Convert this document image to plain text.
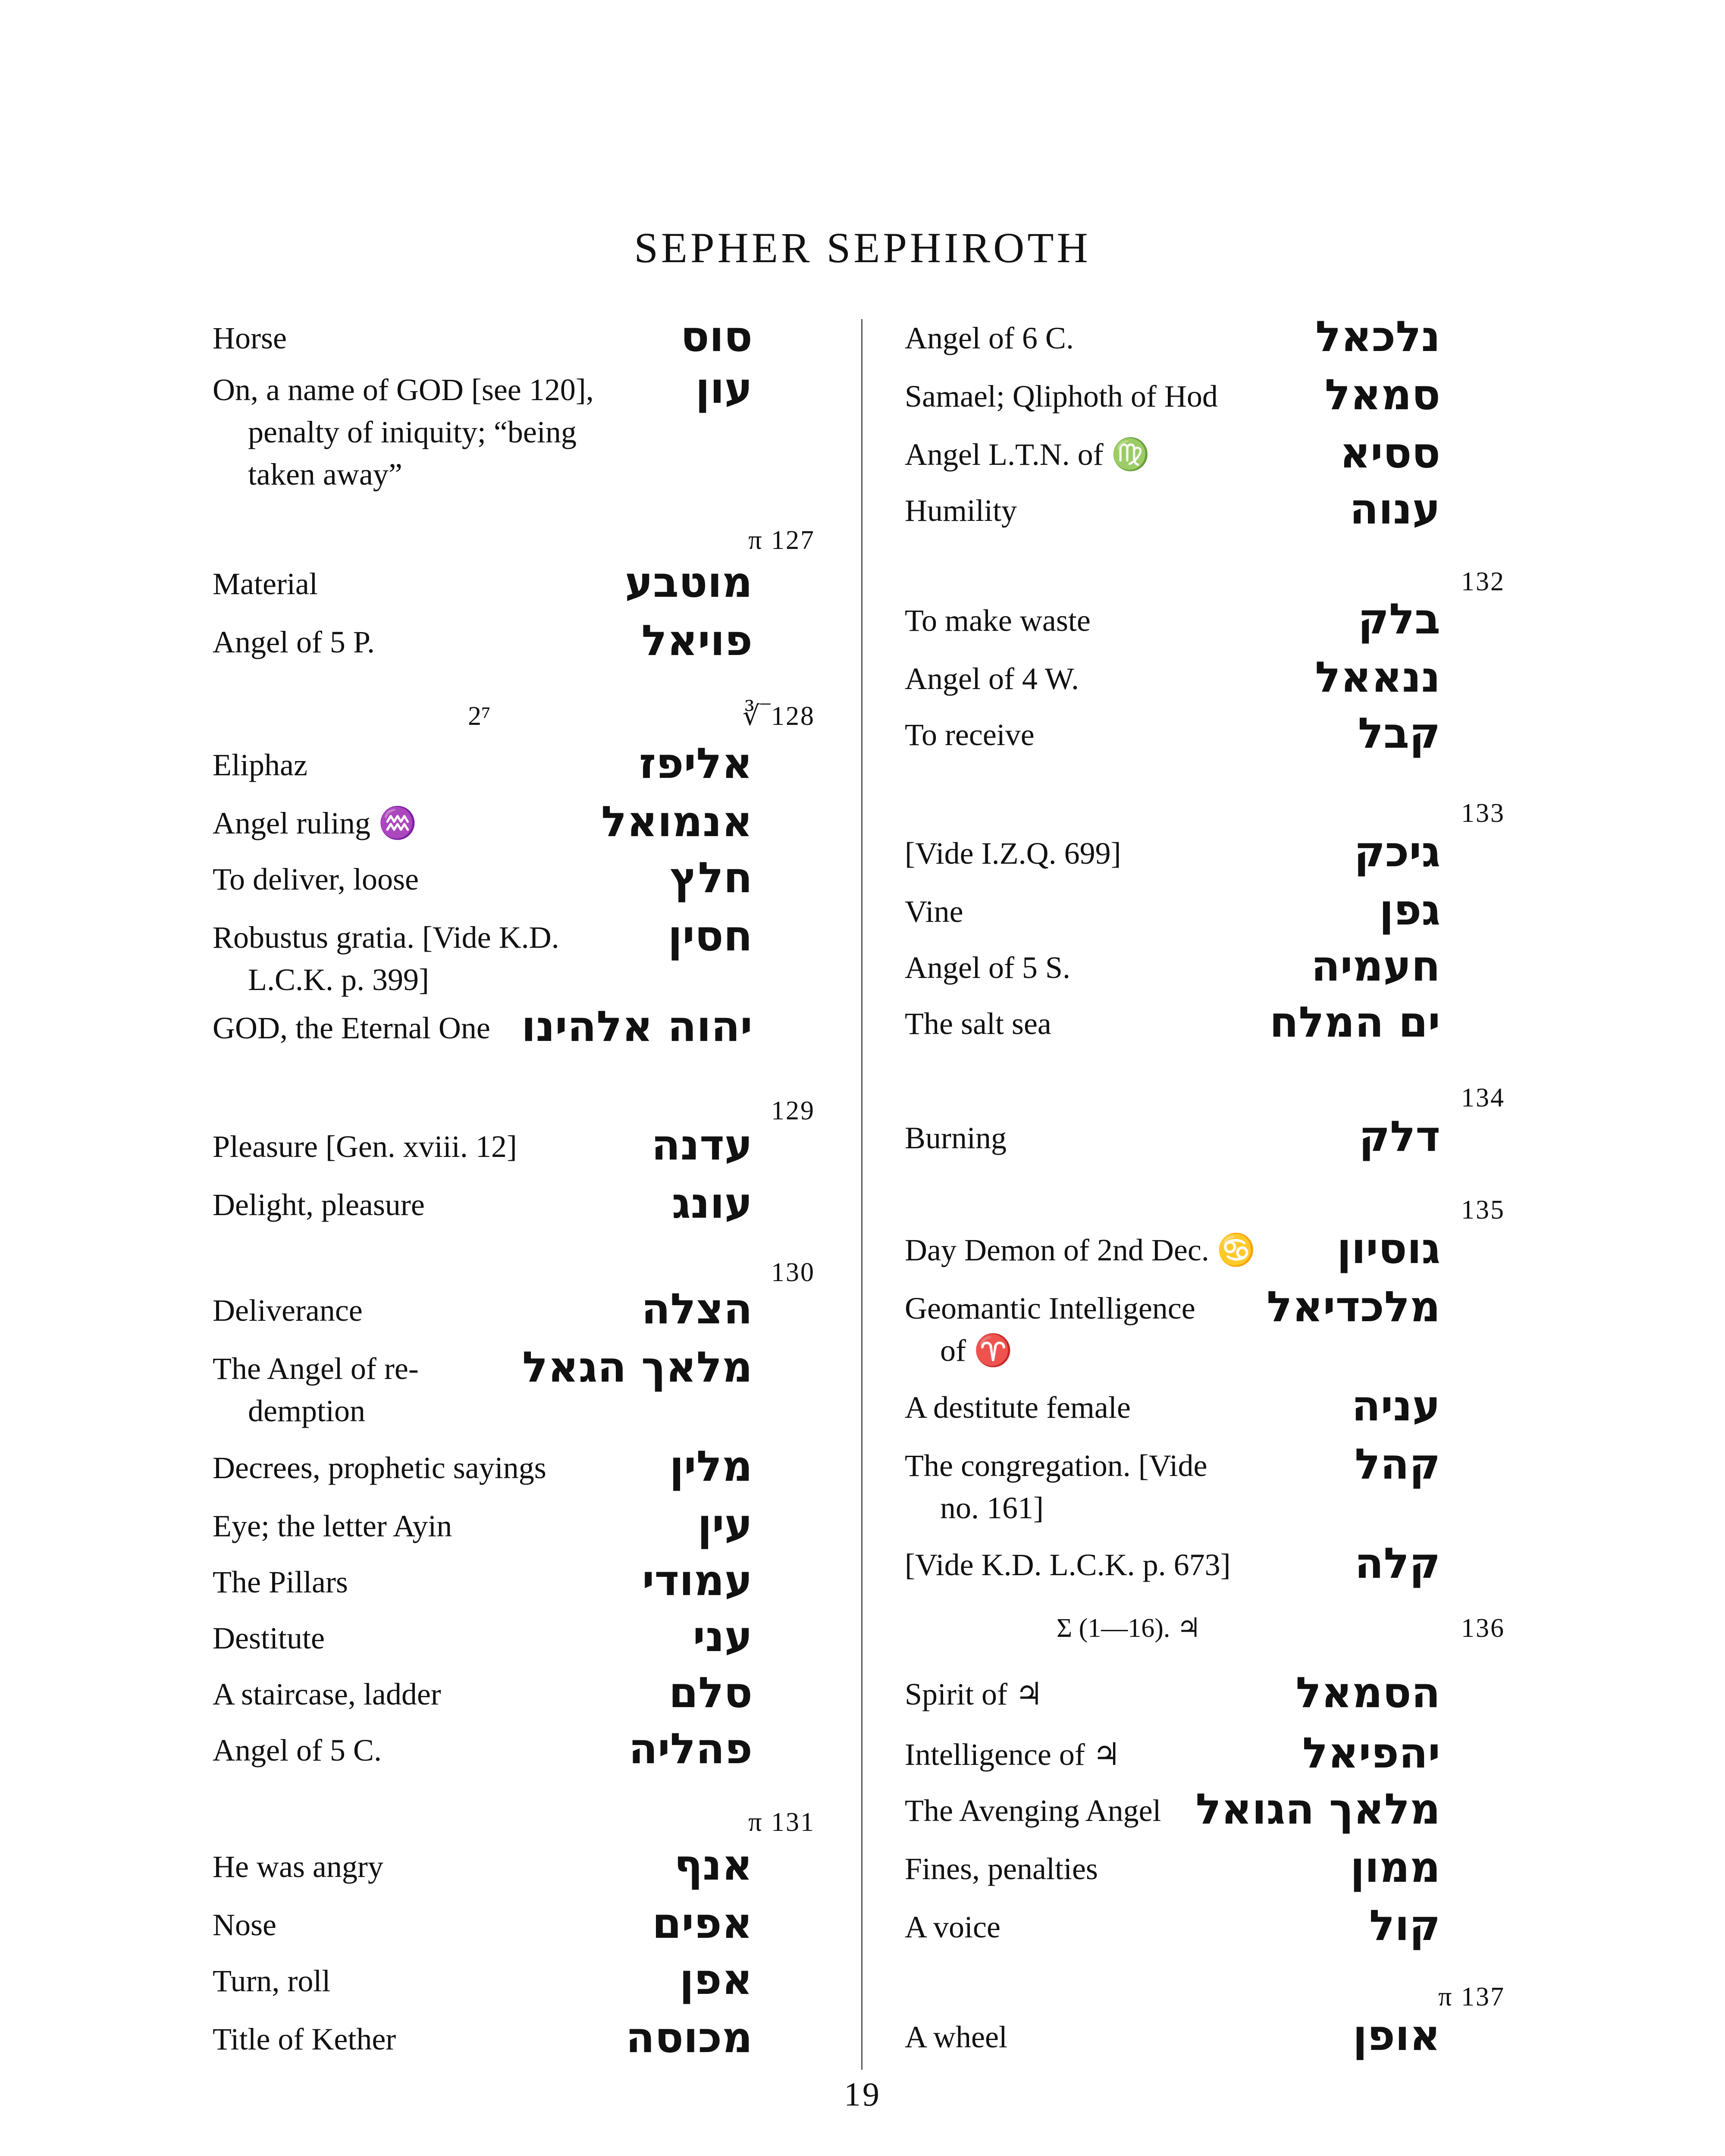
SEPHER SEPHIROTH
Horse	סוס
On, a name of GOD [see 120],
penalty of iniquity; “being
taken away”
עון
Material	מוטבע
Angel of 5 P.	פויאל
Eliphaz	אליפז
Angel ruling ♒	אנמואל
To deliver, loose	חלץ
Robustus gratia. [Vide K.D.
L.C.K. p. 399]
חסין
GOD, the Eternal One יהוה אלהינו
Pleasure [Gen. xviii. 12]	עדנה
Delight, pleasure	עונג
Deliverance	הצלה
The Angel of re-
demption
מלאך הגאל
Decrees, prophetic sayings	מלין
Eye; the letter Ayin	עין
The Pillars	עמודי
Destitute	עני
A staircase, ladder	סלם
Angel of 5 C.	פהליה
He was angry	אנף
Nose	אפים
Turn, roll	אפן
Title of Kether	מכוסה
Angel of 6 C.	נלכאל
Samael; Qliphoth of Hod	סמאל
Angel L.T.N. of ♍	ססיא
Humility	ענוה
To make waste	בלק
Angel of 4 W.	ננאאל
To receive	קבל
[Vide I.Z.Q. 699]	גיכק
Vine	גפן
Angel of 5 S.	חעמיה
The salt sea	ים המלח
Burning	דלק
Day Demon of 2nd Dec. ♋ גוסיון
Geomantic Intelligence
of ♈
מלכדיאל
A destitute female	עניה
The congregation. [Vide
no. 161]
קהל
[Vide K.D. L.C.K. p. 673]	קלה
Spirit of ♃	הסמאל
Intelligence of ♃	יהפיאל
The Avenging Angel מלאך הגואל
Fines, penalties	ממון
A voice	קול
A wheel	אופן
19
π 127
∛‾128
2⁷
129
130
π 131
132
133
134
135
136
Σ (1—16). ♃
π 137
